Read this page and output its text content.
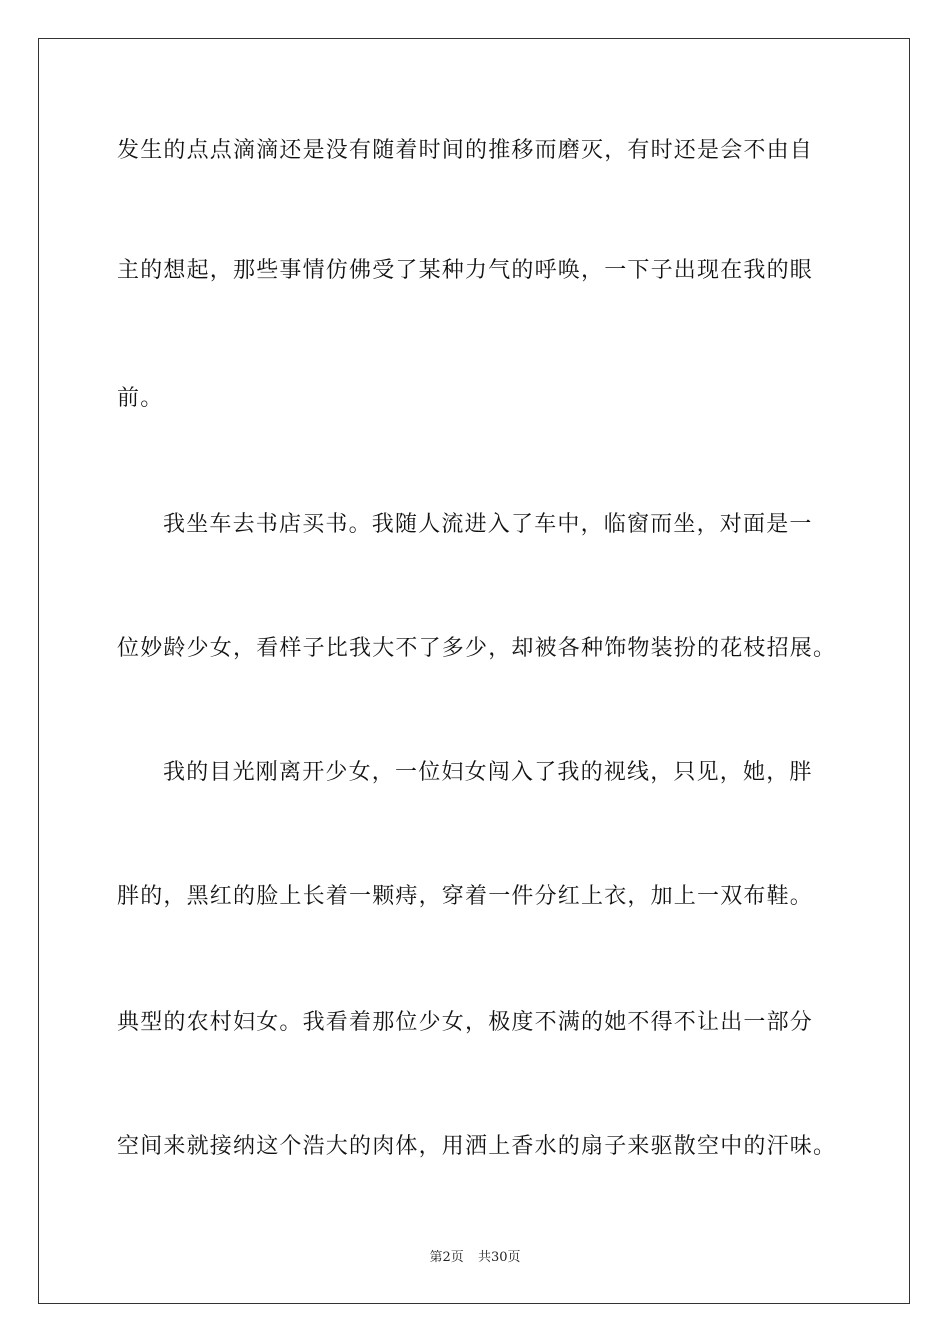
发生的点点滴滴还是没有随着时间的推移而磨灭，有时还是会不由自
主的想起，那些事情仿佛受了某种力气的呼唤，一下子出现在我的眼
前。
我坐车去书店买书。我随人流进入了车中，临窗而坐，对面是一
位妙龄少女，看样子比我大不了多少，却被各种饰物装扮的花枝招展。
我的目光刚离开少女，一位妇女闯入了我的视线，只见，她，胖
胖的，黑红的脸上长着一颗痔，穿着一件分红上衣，加上一双布鞋。
典型的农村妇女。我看着那位少女，极度不满的她不得不让出一部分
空间来就接纳这个浩大的肉体，用洒上香水的扇子来驱散空中的汗味。
第2页 共30页
